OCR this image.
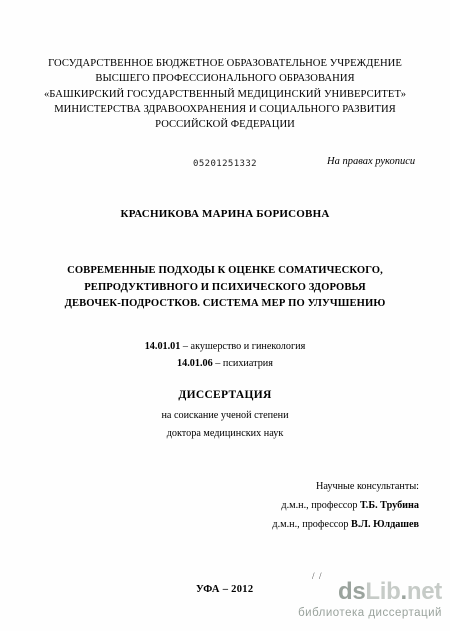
ГОСУДАРСТВЕННОЕ БЮДЖЕТНОЕ ОБРАЗОВАТЕЛЬНОЕ УЧРЕЖДЕНИЕ
ВЫСШЕГО ПРОФЕССИОНАЛЬНОГО ОБРАЗОВАНИЯ
«БАШКИРСКИЙ ГОСУДАРСТВЕННЫЙ МЕДИЦИНСКИЙ УНИВЕРСИТЕТ»
МИНИСТЕРСТВА ЗДРАВООХРАНЕНИЯ И СОЦИАЛЬНОГО РАЗВИТИЯ
РОССИЙСКОЙ ФЕДЕРАЦИИ
05201251332	На правах рукописи
КРАСНИКОВА МАРИНА БОРИСОВНА
СОВРЕМЕННЫЕ ПОДХОДЫ К ОЦЕНКЕ СОМАТИЧЕСКОГО,
РЕПРОДУКТИВНОГО И ПСИХИЧЕСКОГО ЗДОРОВЬЯ
ДЕВОЧЕК-ПОДРОСТКОВ. СИСТЕМА МЕР ПО УЛУЧШЕНИЮ
14.01.01 – акушерство и гинекология
14.01.06 – психиатрия
ДИССЕРТАЦИЯ
на соискание ученой степени
доктора медицинских наук
Научные консультанты:
д.м.н., профессор Т.Б. Трубина
д.м.н., профессор В.Л. Юлдашев
/  /
УФА – 2012	dsLib.net
библиотека диссертаций
